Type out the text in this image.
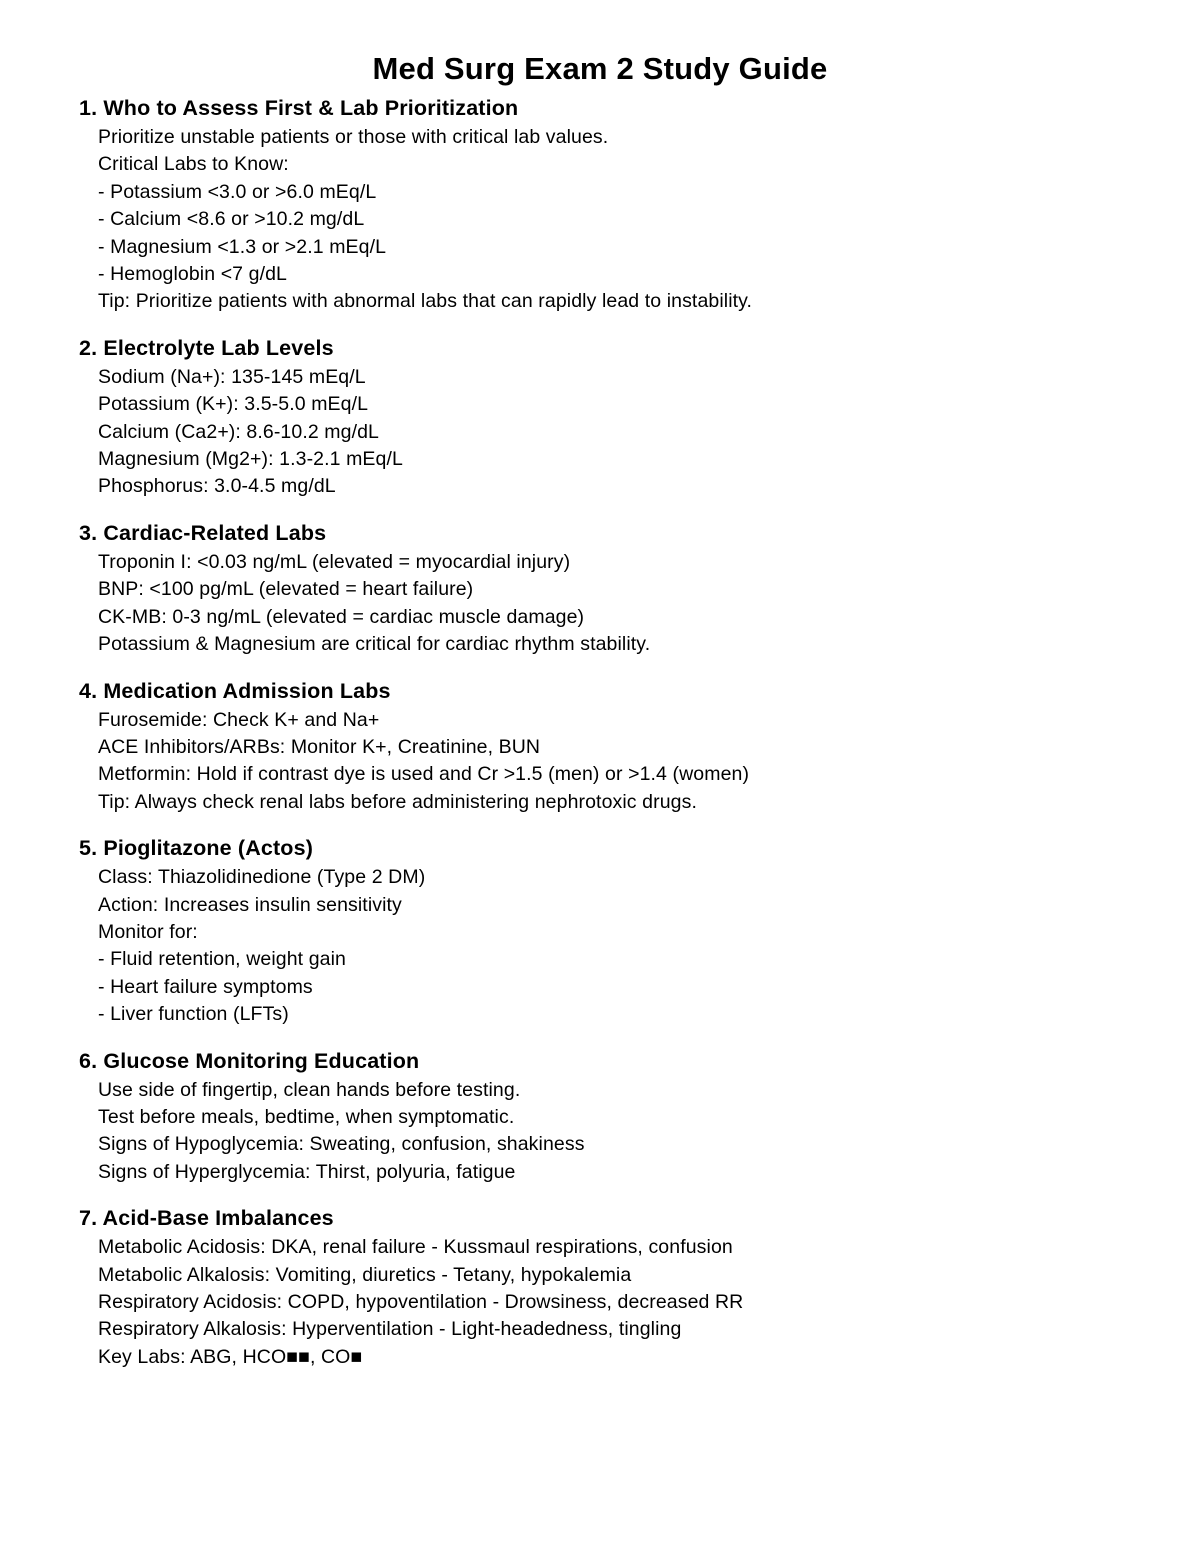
Med Surg Exam 2 Study Guide
1. Who to Assess First & Lab Prioritization
Prioritize unstable patients or those with critical lab values.
Critical Labs to Know:
- Potassium <3.0 or >6.0 mEq/L
- Calcium <8.6 or >10.2 mg/dL
- Magnesium <1.3 or >2.1 mEq/L
- Hemoglobin <7 g/dL
Tip: Prioritize patients with abnormal labs that can rapidly lead to instability.
2. Electrolyte Lab Levels
Sodium (Na+): 135-145 mEq/L
Potassium (K+): 3.5-5.0 mEq/L
Calcium (Ca2+): 8.6-10.2 mg/dL
Magnesium (Mg2+): 1.3-2.1 mEq/L
Phosphorus: 3.0-4.5 mg/dL
3. Cardiac-Related Labs
Troponin I: <0.03 ng/mL (elevated = myocardial injury)
BNP: <100 pg/mL (elevated = heart failure)
CK-MB: 0-3 ng/mL (elevated = cardiac muscle damage)
Potassium & Magnesium are critical for cardiac rhythm stability.
4. Medication Admission Labs
Furosemide: Check K+ and Na+
ACE Inhibitors/ARBs: Monitor K+, Creatinine, BUN
Metformin: Hold if contrast dye is used and Cr >1.5 (men) or >1.4 (women)
Tip: Always check renal labs before administering nephrotoxic drugs.
5. Pioglitazone (Actos)
Class: Thiazolidinedione (Type 2 DM)
Action: Increases insulin sensitivity
Monitor for:
- Fluid retention, weight gain
- Heart failure symptoms
- Liver function (LFTs)
6. Glucose Monitoring Education
Use side of fingertip, clean hands before testing.
Test before meals, bedtime, when symptomatic.
Signs of Hypoglycemia: Sweating, confusion, shakiness
Signs of Hyperglycemia: Thirst, polyuria, fatigue
7. Acid-Base Imbalances
Metabolic Acidosis: DKA, renal failure - Kussmaul respirations, confusion
Metabolic Alkalosis: Vomiting, diuretics - Tetany, hypokalemia
Respiratory Acidosis: COPD, hypoventilation - Drowsiness, decreased RR
Respiratory Alkalosis: Hyperventilation - Light-headedness, tingling
Key Labs: ABG, HCO■■, CO■
